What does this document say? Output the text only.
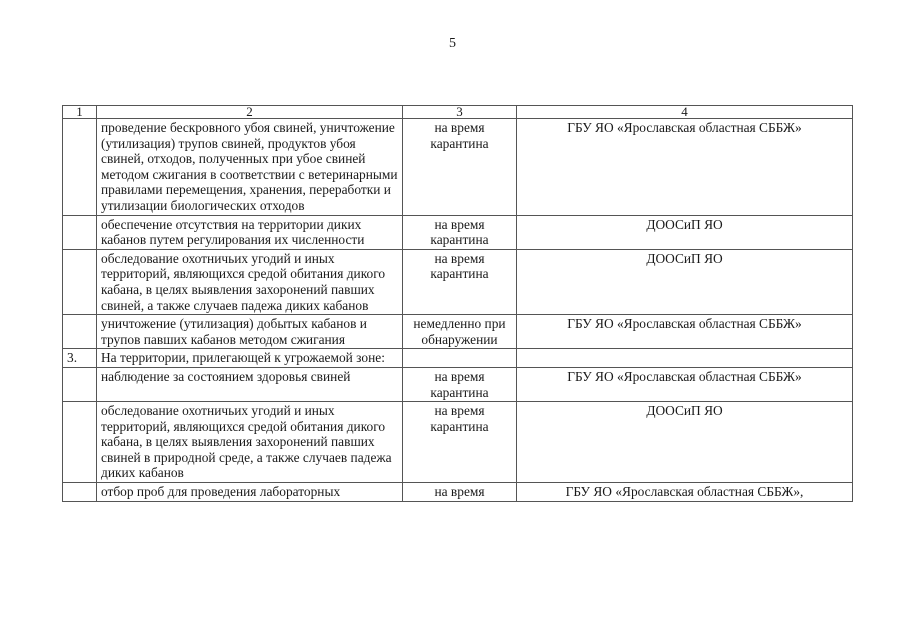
5
1	2	3	4
	проведение бескровного убоя свиней, уничтожение (утилизация) трупов свиней, продуктов убоя свиней, отходов, полученных при убое свиней методом сжигания в соответствии с ветеринарными правилами перемещения, хранения, переработки и утилизации биологических отходов	на время карантина	ГБУ ЯО «Ярославская областная СББЖ»
	обеспечение отсутствия на территории диких кабанов путем регулирования их численности	на время карантина	ДООСиП ЯО
	обследование охотничьих угодий и иных территорий, являющихся средой обитания дикого кабана, в целях выявления захоронений павших свиней, а также случаев падежа диких кабанов	на время карантина	ДООСиП ЯО
	уничтожение (утилизация) добытых кабанов и трупов павших кабанов методом сжигания	немедленно при обнаружении	ГБУ ЯО «Ярославская областная СББЖ»
3.	На территории, прилегающей к угрожаемой зоне:		
	наблюдение за состоянием здоровья свиней	на время карантина	ГБУ ЯО «Ярославская областная СББЖ»
	обследование охотничьих угодий и иных территорий, являющихся средой обитания дикого кабана, в целях выявления захоронений павших свиней в природной среде, а также случаев падежа диких кабанов	на время карантина	ДООСиП ЯО
	отбор проб для проведения лабораторных	на время	ГБУ ЯО «Ярославская областная СББЖ»,
